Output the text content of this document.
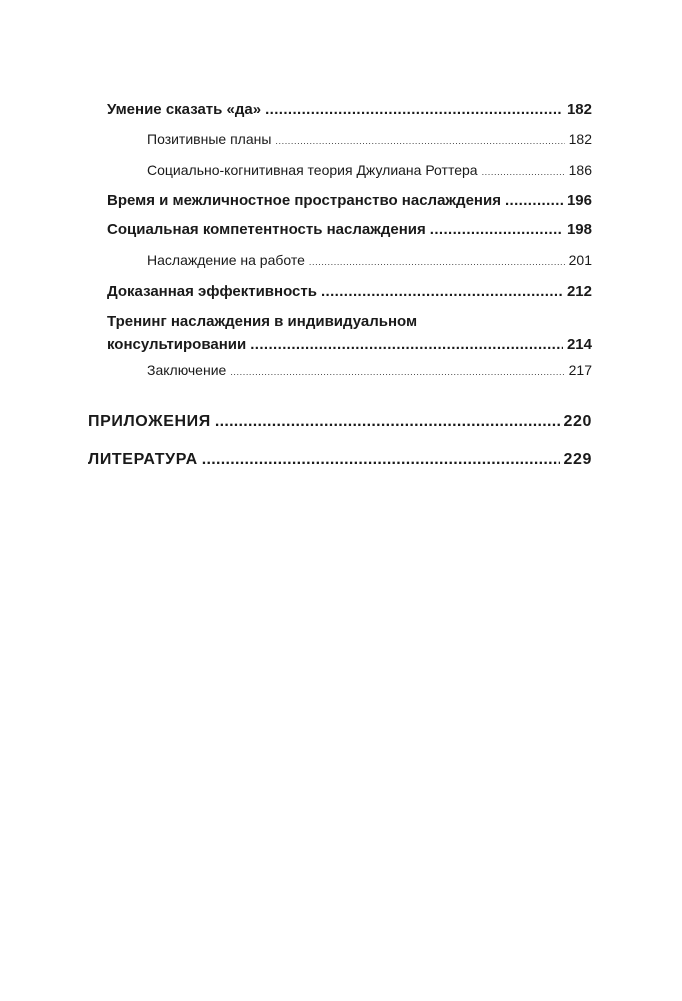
Умение сказать «да» .....	182
Позитивные планы .....	182
Социально-когнитивная теория Джулиана Роттера .....	186
Время и межличностное пространство наслаждения .....	196
Социальная компетентность наслаждения .....	198
Наслаждение на работе .....	201
Доказанная эффективность .....	212
Тренинг наслаждения в индивидуальном
консультировании .....	214
Заключение .....	217
ПРИЛОЖЕНИЯ .....	220
ЛИТЕРАТУРА .....	229
